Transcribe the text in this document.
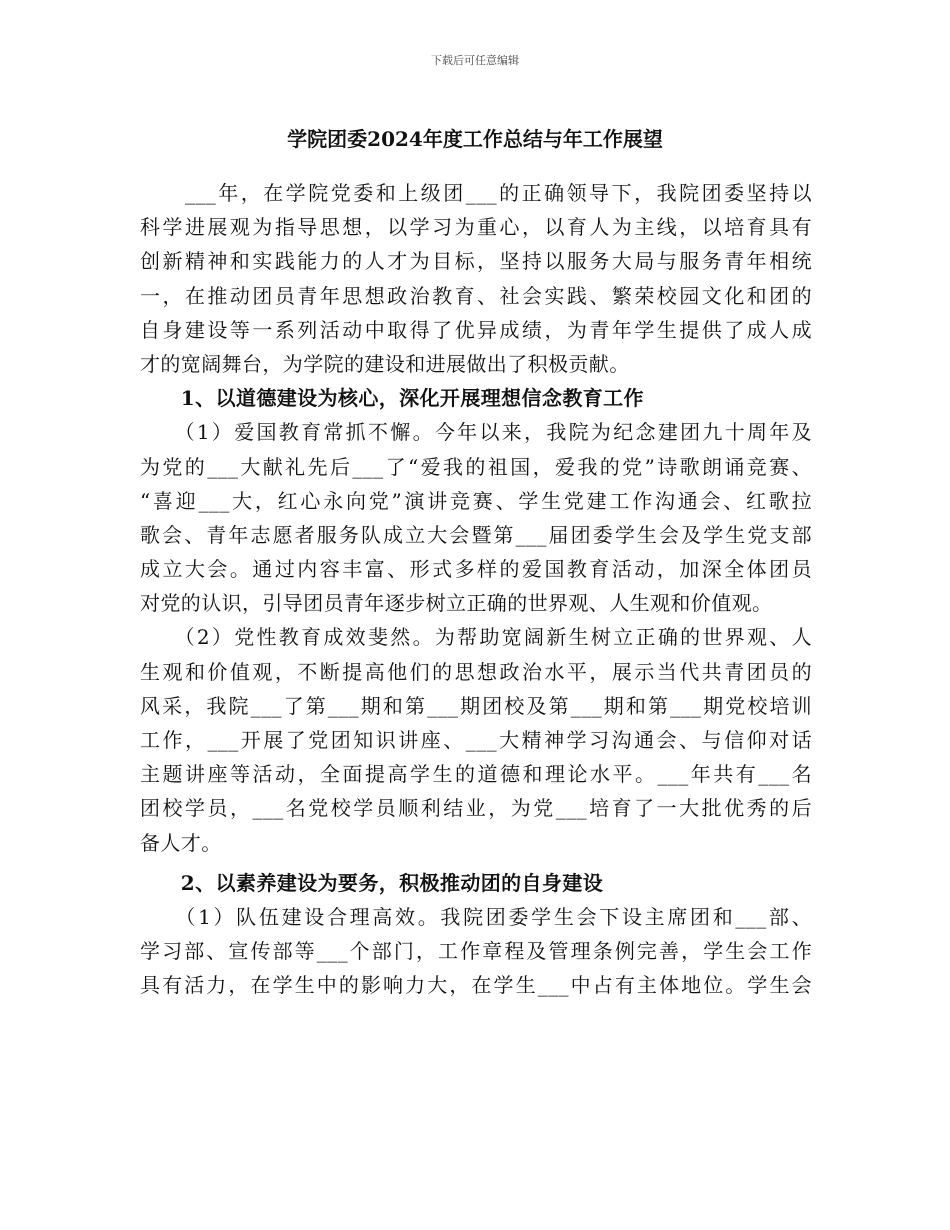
下载后可任意编辑
学院团委2024年度工作总结与年工作展望
　　___年，在学院党委和上级团___的正确领导下，我院团委坚持以
科学进展观为指导思想，以学习为重心，以育人为主线，以培育具有
创新精神和实践能力的人才为目标，坚持以服务大局与服务青年相统
一，在推动团员青年思想政治教育、社会实践、繁荣校园文化和团的
自身建设等一系列活动中取得了优异成绩，为青年学生提供了成人成
才的宽阔舞台，为学院的建设和进展做出了积极贡献。
　　1、以道德建设为核心，深化开展理想信念教育工作
　　（1）爱国教育常抓不懈。今年以来，我院为纪念建团九十周年及
为党的___大献礼先后___了“爱我的祖国，爱我的党”诗歌朗诵竞赛、
“喜迎___大，红心永向党”演讲竞赛、学生党建工作沟通会、红歌拉
歌会、青年志愿者服务队成立大会暨第___届团委学生会及学生党支部
成立大会。通过内容丰富、形式多样的爱国教育活动，加深全体团员
对党的认识，引导团员青年逐步树立正确的世界观、人生观和价值观。
　　（2）党性教育成效斐然。为帮助宽阔新生树立正确的世界观、人
生观和价值观，不断提高他们的思想政治水平，展示当代共青团员的
风采，我院___了第___期和第___期团校及第___期和第___期党校培训
工作，___开展了党团知识讲座、___大精神学习沟通会、与信仰对话
主题讲座等活动，全面提高学生的道德和理论水平。___年共有___名
团校学员，___名党校学员顺利结业，为党___培育了一大批优秀的后
备人才。
　　2、以素养建设为要务，积极推动团的自身建设
　　（1）队伍建设合理高效。我院团委学生会下设主席团和___部、
学习部、宣传部等___个部门，工作章程及管理条例完善，学生会工作
具有活力，在学生中的影响力大，在学生___中占有主体地位。学生会
